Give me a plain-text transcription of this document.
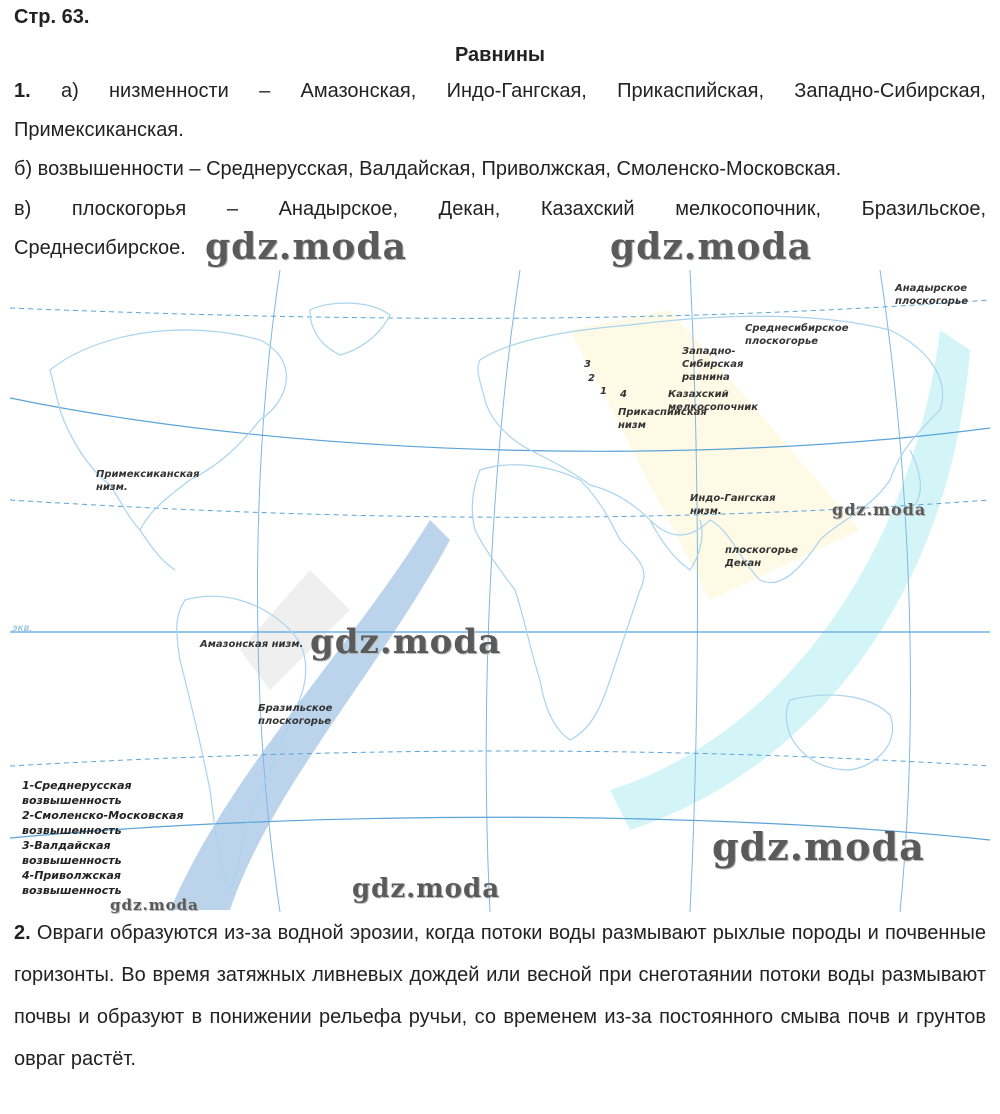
Стр. 63.
Равнины
1. а) низменности – Амазонская, Индо-Гангская, Прикаспийская, Западно-Сибирская,
Примексиканская.
б) возвышенности – Среднерусская, Валдайская, Приволжская, Смоленско-Московская.
в) плоскогорья – Анадырское, Декан, Казахский мелкосопочник, Бразильское,
Среднесибирское.
Анадырское плоскогорье
Среднесибирское плоскогорье
Западно-Сибирская равнина
Казахский мелкосопочник
Прикаспийская низм
Примексиканская низм.
Индо-Гангская низм.
плоскогорье Декан
Амазонская низм.
Бразильское плоскогорье
3
2
1 4
экв.
1-Среднерусская
возвышенность
2-Смоленско-Московская
возвышенность
3-Валдайская
возвышенность
4-Приволжская
возвышенность
gdz.moda	gdz.moda
gdz.moda
gdz.moda
gdz.moda
gdz.moda
gdz.moda
2. Овраги образуются из-за водной эрозии, когда потоки воды размывают рыхлые породы и почвенные горизонты. Во время затяжных ливневых дождей или весной при снеготаянии потоки воды размывают почвы и образуют в понижении рельефа ручьи, со временем из-за постоянного смыва почв и грунтов овраг растёт.
